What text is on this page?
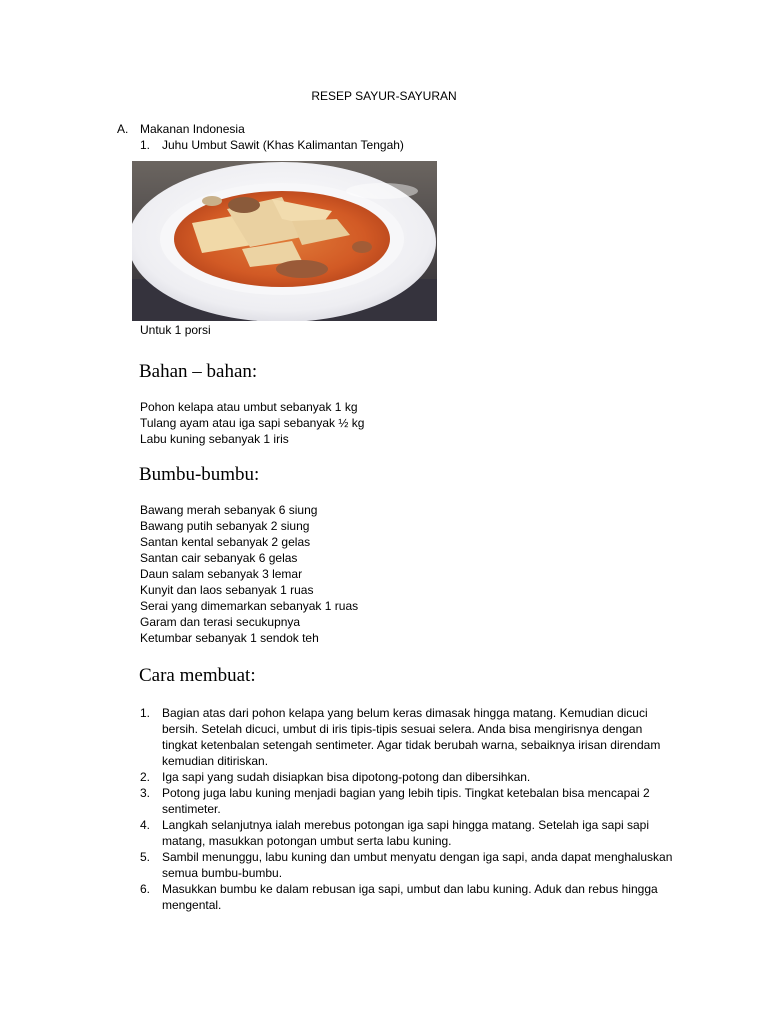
RESEP SAYUR-SAYURAN
A. Makanan Indonesia
1. Juhu Umbut Sawit (Khas Kalimantan Tengah)
Untuk 1 porsi
Bahan – bahan:
Pohon kelapa atau umbut sebanyak 1 kg
Tulang ayam atau iga sapi sebanyak ½ kg
Labu kuning sebanyak 1 iris
Bumbu-bumbu:
Bawang merah sebanyak 6 siung
Bawang putih sebanyak 2 siung
Santan kental sebanyak 2 gelas
Santan cair sebanyak 6 gelas
Daun salam sebanyak 3 lemar
Kunyit dan laos sebanyak 1 ruas
Serai yang dimemarkan sebanyak 1 ruas
Garam dan terasi secukupnya
Ketumbar sebanyak 1 sendok teh
Cara membuat:
1. Bagian atas dari pohon kelapa yang belum keras dimasak hingga matang. Kemudian dicuci bersih. Setelah dicuci, umbut di iris tipis-tipis sesuai selera. Anda bisa mengirisnya dengan tingkat ketenbalan setengah sentimeter. Agar tidak berubah warna, sebaiknya irisan direndam kemudian ditiriskan.
2. Iga sapi yang sudah disiapkan bisa dipotong-potong dan dibersihkan.
3. Potong juga labu kuning menjadi bagian yang lebih tipis. Tingkat ketebalan bisa mencapai 2 sentimeter.
4. Langkah selanjutnya ialah merebus potongan iga sapi hingga matang. Setelah iga sapi sapi matang, masukkan potongan umbut serta labu kuning.
5. Sambil menunggu, labu kuning dan umbut menyatu dengan iga sapi, anda dapat menghaluskan semua bumbu-bumbu.
6. Masukkan bumbu ke dalam rebusan iga sapi, umbut dan labu kuning. Aduk dan rebus hingga mengental.
